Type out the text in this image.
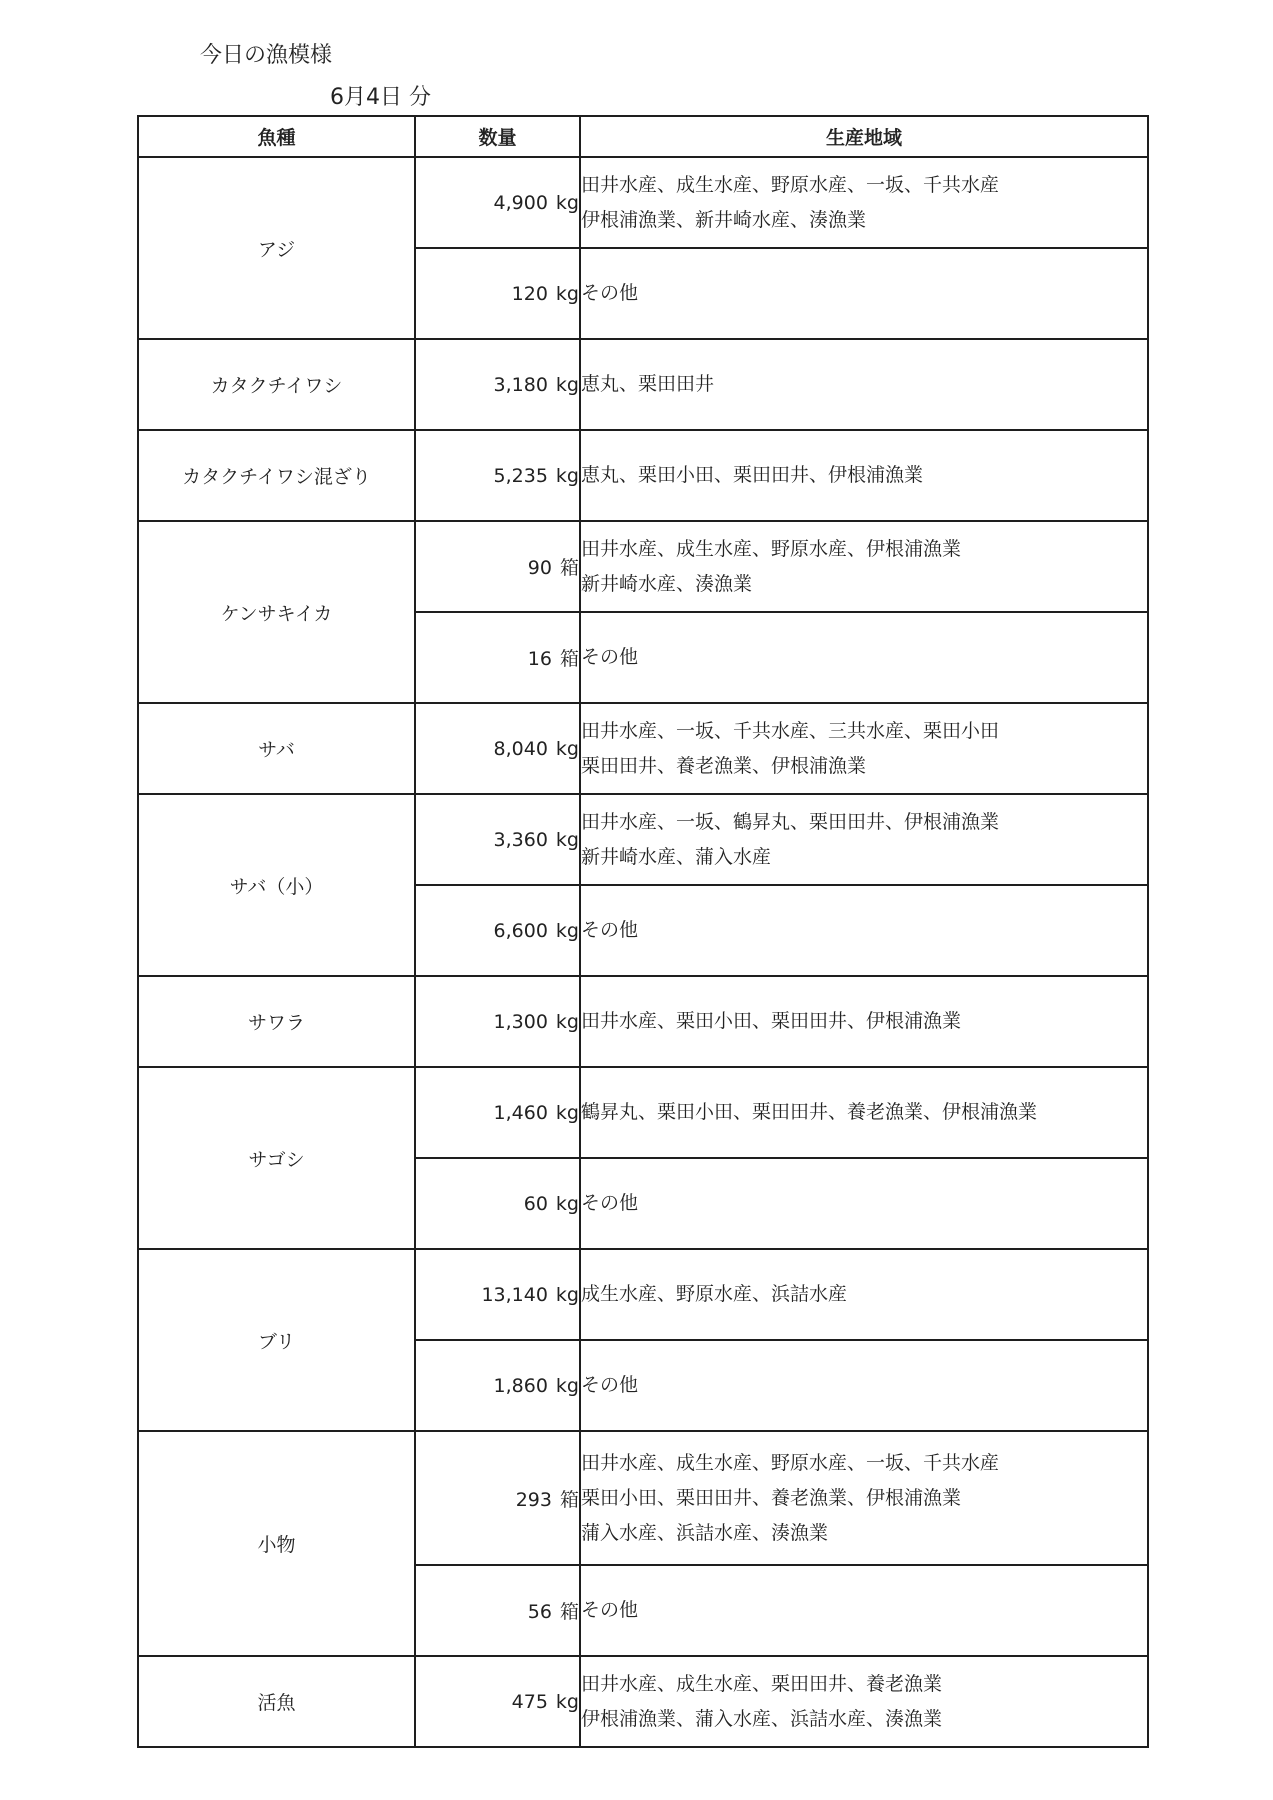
今日の漁模様
6月4日 分
魚種	数量	生産地域
アジ	4,900 kg	田井水産、成生水産、野原水産、一坂、千共水産
伊根浦漁業、新井崎水産、湊漁業

	120 kg	その他

カタクチイワシ	3,180 kg	恵丸、栗田田井

カタクチイワシ混ざり	5,235 kg	恵丸、栗田小田、栗田田井、伊根浦漁業

ケンサキイカ	90 箱	田井水産、成生水産、野原水産、伊根浦漁業
新井崎水産、湊漁業

	16 箱	その他

サバ	8,040 kg	田井水産、一坂、千共水産、三共水産、栗田小田
栗田田井、養老漁業、伊根浦漁業

サバ（小）	3,360 kg	田井水産、一坂、鶴昇丸、栗田田井、伊根浦漁業
新井崎水産、蒲入水産

	6,600 kg	その他

サワラ	1,300 kg	田井水産、栗田小田、栗田田井、伊根浦漁業

サゴシ	1,460 kg	鶴昇丸、栗田小田、栗田田井、養老漁業、伊根浦漁業

	60 kg	その他

ブリ	13,140 kg	成生水産、野原水産、浜詰水産

	1,860 kg	その他

小物	293 箱	田井水産、成生水産、野原水産、一坂、千共水産
栗田小田、栗田田井、養老漁業、伊根浦漁業
蒲入水産、浜詰水産、湊漁業

	56 箱	その他

活魚	475 kg	田井水産、成生水産、栗田田井、養老漁業
伊根浦漁業、蒲入水産、浜詰水産、湊漁業
